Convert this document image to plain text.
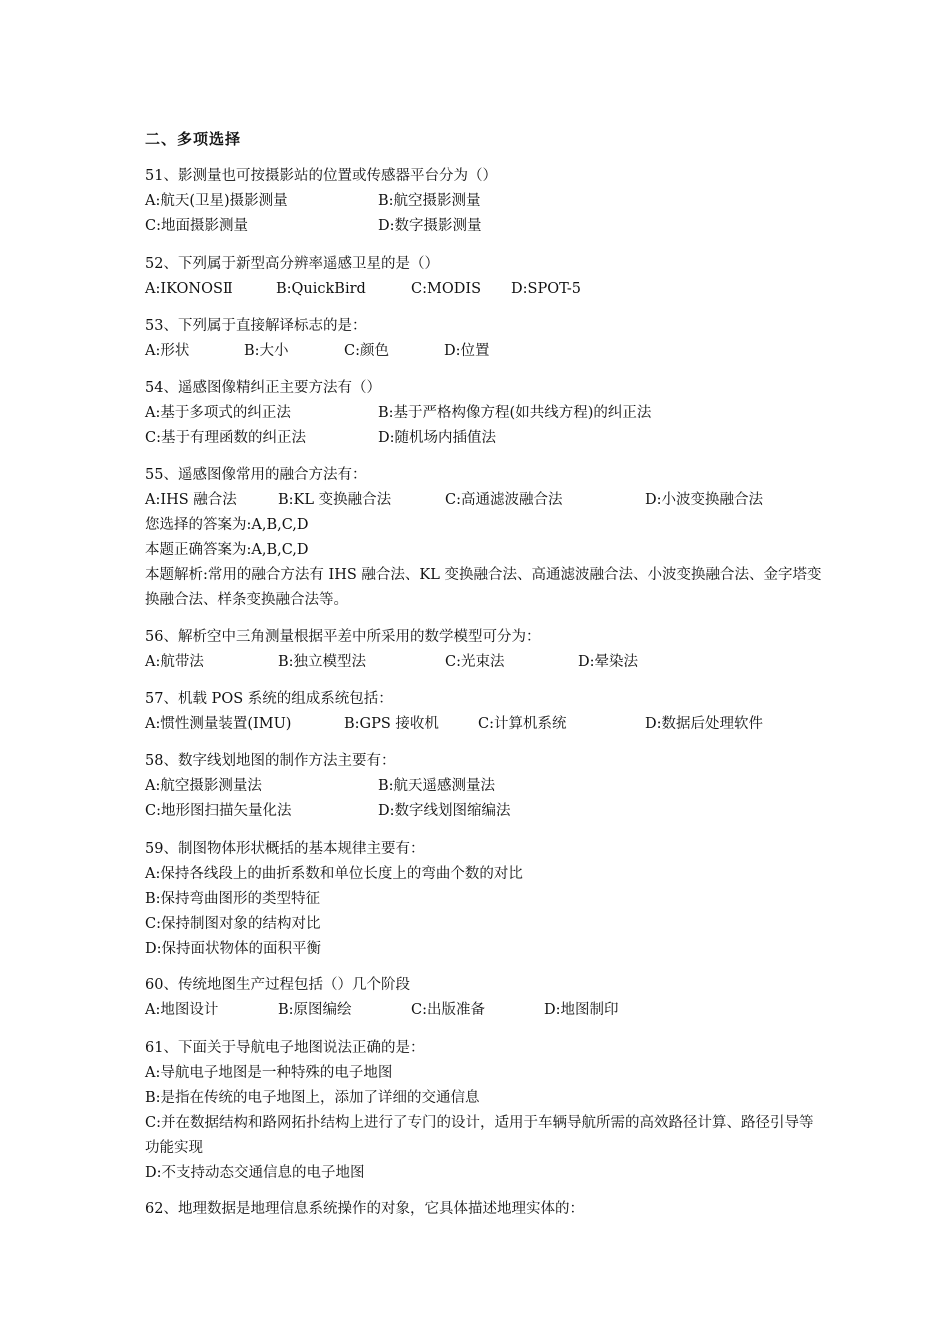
二、多项选择
51、影测量也可按摄影站的位置或传感器平台分为（）
A:航天(卫星)摄影测量	B:航空摄影测量
C:地面摄影测量	D:数字摄影测量
52、下列属于新型高分辨率遥感卫星的是（）
A:IKONOSⅡ	B:QuickBird	C:MODIS D:SPOT-5
53、下列属于直接解译标志的是：
A:形状	B:大小	C:颜色	D:位置
54、遥感图像精纠正主要方法有（）
A:基于多项式的纠正法	B:基于严格构像方程(如共线方程)的纠正法
C:基于有理函数的纠正法	D:随机场内插值法
55、遥感图像常用的融合方法有：
A:IHS 融合法	B:KL 变换融合法	C:高通滤波融合法	D:小波变换融合法
您选择的答案为:A,B,C,D
本题正确答案为:A,B,C,D
本题解析:常用的融合方法有 IHS 融合法、KL 变换融合法、高通滤波融合法、小波变换融合法、金字塔变换融合法、样条变换融合法等。
56、解析空中三角测量根据平差中所采用的数学模型可分为：
A:航带法	B:独立模型法	C:光束法	D:晕染法
57、机载 POS 系统的组成系统包括：
A:惯性测量装置(IMU)	B:GPS 接收机	C:计算机系统	D:数据后处理软件
58、数字线划地图的制作方法主要有：
A:航空摄影测量法	B:航天遥感测量法
C:地形图扫描矢量化法	D:数字线划图缩编法
59、制图物体形状概括的基本规律主要有：
A:保持各线段上的曲折系数和单位长度上的弯曲个数的对比
B:保持弯曲图形的类型特征
C:保持制图对象的结构对比
D:保持面状物体的面积平衡
60、传统地图生产过程包括（）几个阶段
A:地图设计	B:原图编绘	C:出版准备	D:地图制印
61、下面关于导航电子地图说法正确的是：
A:导航电子地图是一种特殊的电子地图
B:是指在传统的电子地图上，添加了详细的交通信息
C:并在数据结构和路网拓扑结构上进行了专门的设计，适用于车辆导航所需的高效路径计算、路径引导等功能实现
D:不支持动态交通信息的电子地图
62、地理数据是地理信息系统操作的对象，它具体描述地理实体的：
